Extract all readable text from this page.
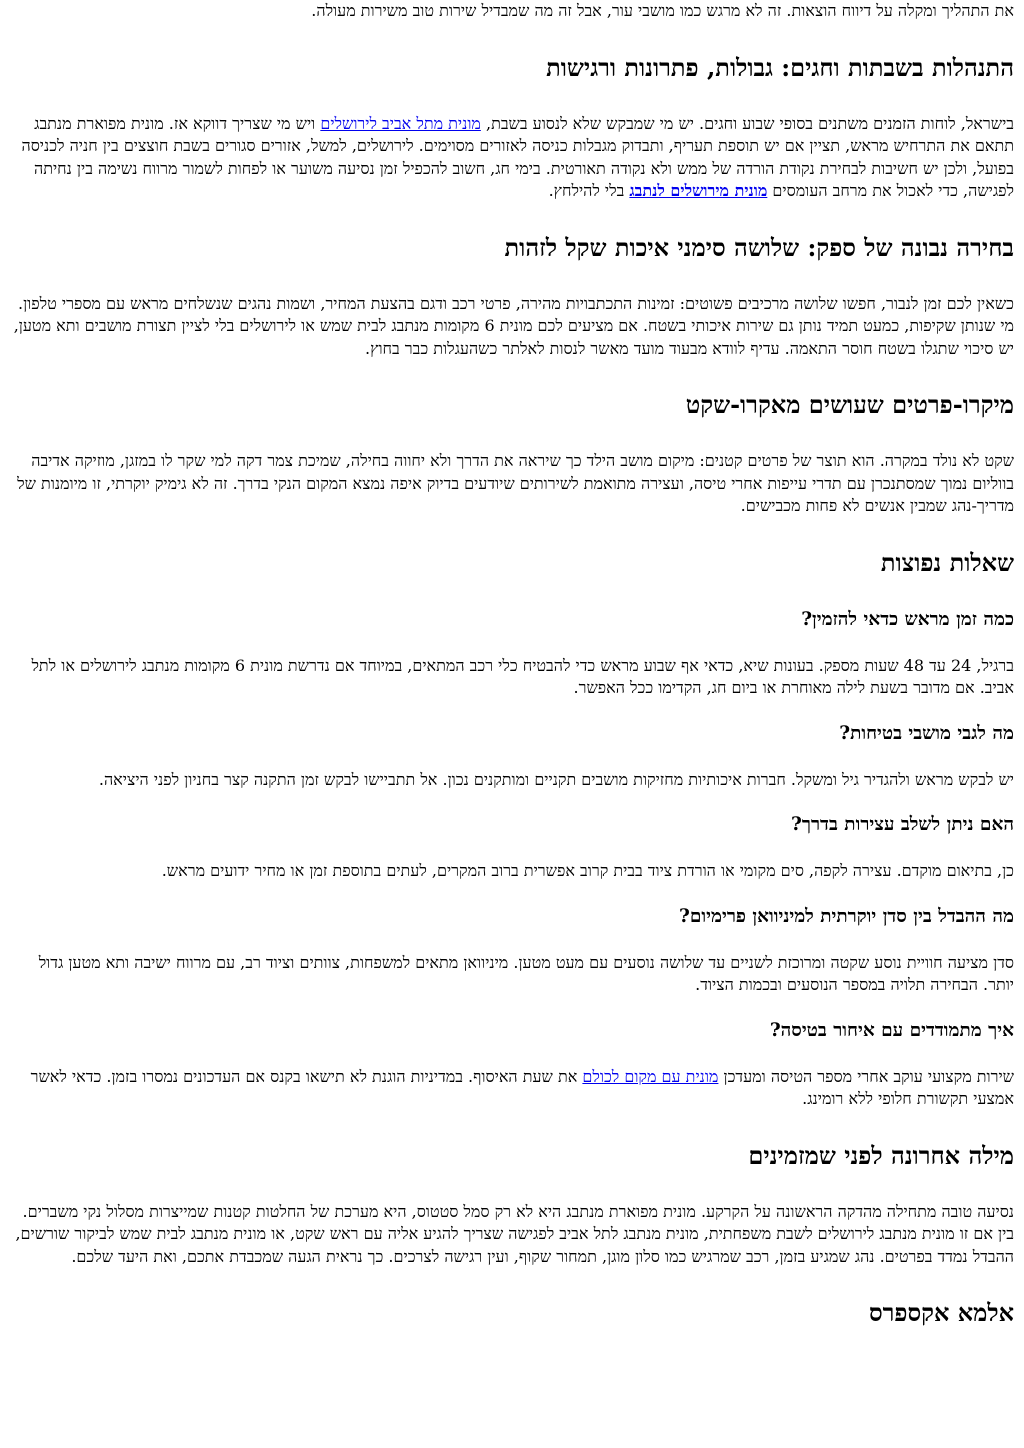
את התהליך ומקלה על דיווח הוצאות. זה לא מרגש כמו מושבי עור, אבל זה מה שמבדיל שירות טוב משירות מעולה.

התנהלות בשבתות וחגים: גבולות, פתרונות ורגישות

בישראל, לוחות הזמנים משתנים בסופי שבוע וחגים. יש מי שמבקש שלא לנסוע בשבת, מונית מתל אביב לירושלים ויש מי שצריך דווקא אז. מונית מפוארת מנתבג תתאם את התרחיש מראש, תציין אם יש תוספת תעריף, ותבדוק מגבלות כניסה לאזורים מסוימים. לירושלים, למשל, אזורים סגורים בשבת חוצצים בין חניה לכניסה בפועל, ולכן יש חשיבות לבחירת נקודת הורדה של ממש ולא נקודה תאורטית. בימי חג, חשוב להכפיל זמן נסיעה משוער או לפחות לשמור מרווח נשימה בין נחיתה לפגישה, כדי לאכול את מרחב העומסים מונית מירושלים לנתבג בלי להילחץ.

בחירה נבונה של ספק: שלושה סימני איכות שקל לזהות

כשאין לכם זמן לנבור, חפשו שלושה מרכיבים פשוטים: זמינות התכתבויות מהירה, פרטי רכב ודגם בהצעת המחיר, ושמות נהגים שנשלחים מראש עם מספרי טלפון. מי שנותן שקיפות, כמעט תמיד נותן גם שירות איכותי בשטח. אם מציעים לכם מונית 6 מקומות מנתבג לבית שמש או לירושלים בלי לציין תצורת מושבים ותא מטען, יש סיכוי שתגלו בשטח חוסר התאמה. עדיף לוודא מבעוד מועד מאשר לנסות לאלתר כשהעגלות כבר בחוץ.

מיקרו-פרטים שעושים מאקרו-שקט

שקט לא נולד במקרה. הוא תוצר של פרטים קטנים: מיקום מושב הילד כך שיראה את הדרך ולא יחווה בחילה, שמיכת צמר דקה למי שקר לו במזגן, מוזיקה אדיבה בווליום נמוך שמסתנכרן עם תדרי עייפות אחרי טיסה, ועצירה מתואמת לשירותים שיודעים בדיוק איפה נמצא המקום הנקי בדרך. זה לא גימיק יוקרתי, זו מיומנות של מדריך-נהג שמבין אנשים לא פחות מכבישים.

שאלות נפוצות
כמה זמן מראש כדאי להזמין?

ברגיל, 24 עד 48 שעות מספק. בעונות שיא, כדאי אף שבוע מראש כדי להבטיח כלי רכב המתאים, במיוחד אם נדרשת מונית 6 מקומות מנתבג לירושלים או לתל אביב. אם מדובר בשעת לילה מאוחרת או ביום חג, הקדימו ככל האפשר.

מה לגבי מושבי בטיחות?

יש לבקש מראש ולהגדיר גיל ומשקל. חברות איכותיות מחזיקות מושבים תקניים ומותקנים נכון. אל תתביישו לבקש זמן התקנה קצר בחניון לפני היציאה.

האם ניתן לשלב עצירות בדרך?

כן, בתיאום מוקדם. עצירה לקפה, סים מקומי או הורדת ציוד בבית קרוב אפשרית ברוב המקרים, לעתים בתוספת זמן או מחיר ידועים מראש.

מה ההבדל בין סדן יוקרתית למיניוואן פרימיום?

סדן מציעה חוויית נוסע שקטה ומרוכזת לשניים עד שלושה נוסעים עם מעט מטען. מיניוואן מתאים למשפחות, צוותים וציוד רב, עם מרווח ישיבה ותא מטען גדול יותר. הבחירה תלויה במספר הנוסעים ובכמות הציוד.

איך מתמודדים עם איחור בטיסה?

שירות מקצועי עוקב אחרי מספר הטיסה ומעדכן מונית עם מקום לכולם את שעת האיסוף. במדיניות הוגנת לא תישאו בקנס אם העדכונים נמסרו בזמן. כדאי לאשר אמצעי תקשורת חלופי ללא רומינג.

מילה אחרונה לפני שמזמינים

נסיעה טובה מתחילה מהדקה הראשונה על הקרקע. מונית מפוארת מנתבג היא לא רק סמל סטטוס, היא מערכת של החלטות קטנות שמייצרות מסלול נקי משברים. בין אם זו מונית מנתבג לירושלים לשבת משפחתית, מונית מנתבג לתל אביב לפגישה שצריך להגיע אליה עם ראש שקט, או מונית מנתבג לבית שמש לביקור שורשים, ההבדל נמדד בפרטים. נהג שמגיע בזמן, רכב שמרגיש כמו סלון מוגן, תמחור שקוף, ועין רגישה לצרכים. כך נראית הגעה שמכבדת אתכם, ואת היעד שלכם.

אלמא אקספרס
